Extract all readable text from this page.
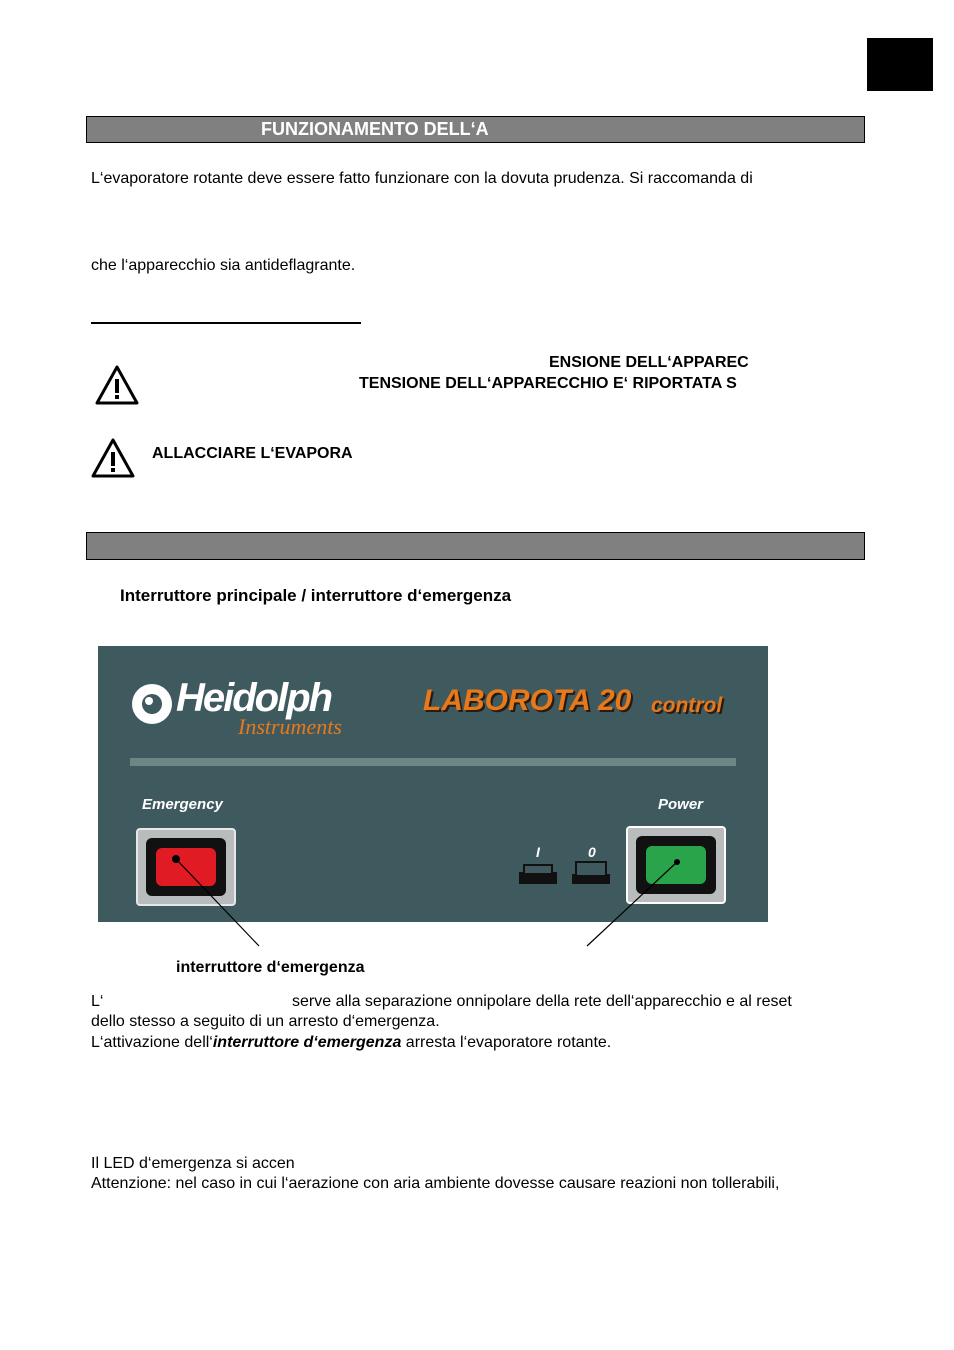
FUNZIONAMENTO DELL‘A
L‘evaporatore rotante deve essere fatto funzionare con la dovuta prudenza. Si raccomanda di
che l‘apparecchio sia antideflagrante.
ENSIONE DELL‘APPAREC
TENSIONE DELL‘APPARECCHIO E‘ RIPORTATA S
ALLACCIARE L‘EVAPORA
Interruttore principale / interruttore d‘emergenza
Heidolph
Instruments
LABOROTA 20 control
Emergency	Power
I	0
interruttore d‘emergenza
L‘	serve alla separazione onnipolare della rete dell‘apparecchio e al reset
dello stesso a seguito di un arresto d‘emergenza.
L‘attivazione dell‘interruttore d‘emergenza arresta l‘evaporatore rotante.
Il LED d‘emergenza si accen
Attenzione: nel caso in cui l‘aerazione con aria ambiente dovesse causare reazioni non tollerabili,
